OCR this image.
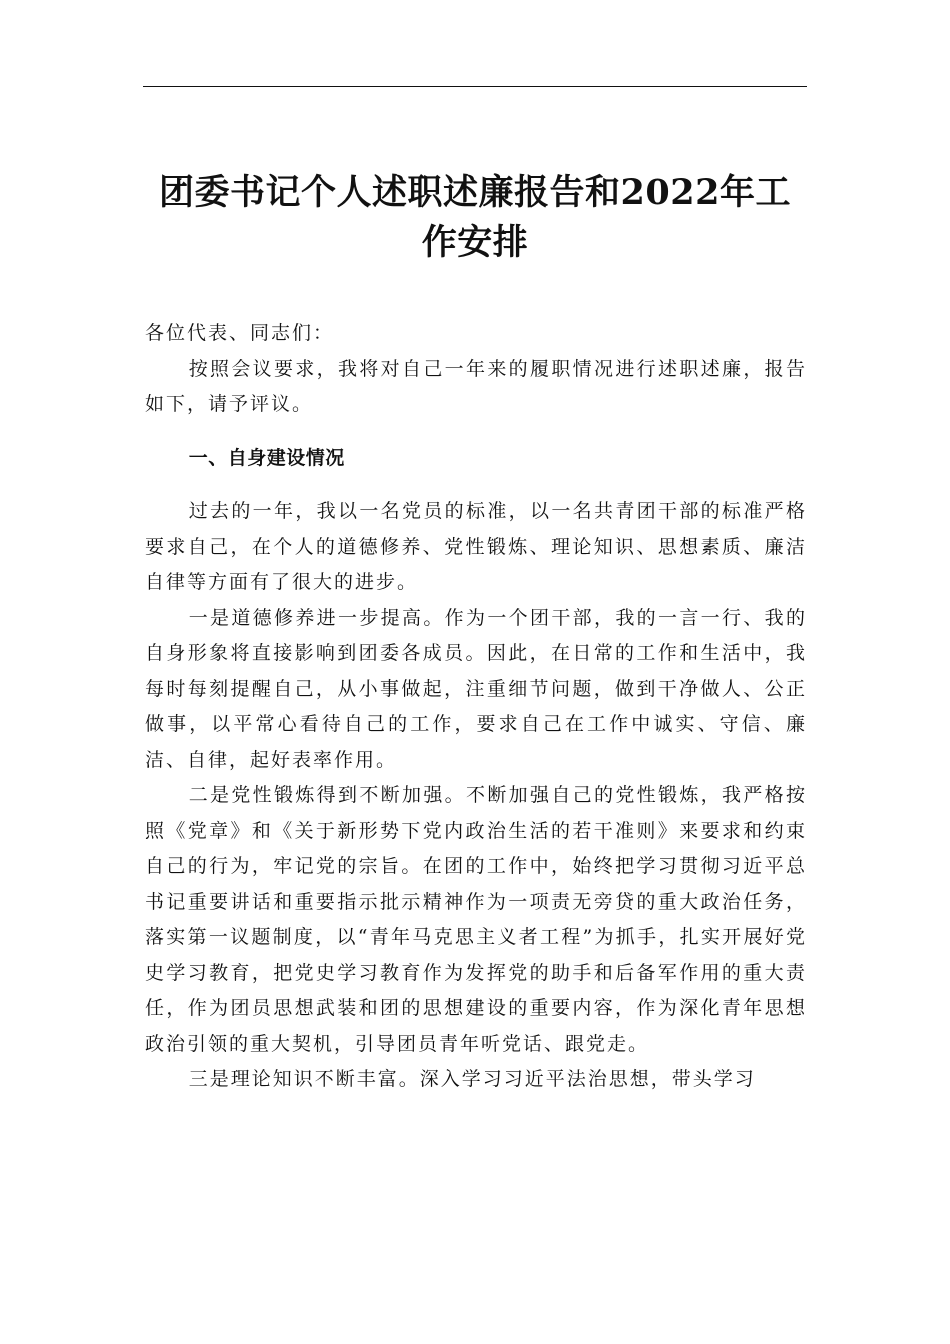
团委书记个人述职述廉报告和2022年工作安排

各位代表、同志们：

按照会议要求，我将对自己一年来的履职情况进行述职述廉，报告如下，请予评议。

一、自身建设情况

过去的一年，我以一名党员的标准，以一名共青团干部的标准严格要求自己，在个人的道德修养、党性锻炼、理论知识、思想素质、廉洁自律等方面有了很大的进步。

一是道德修养进一步提高。作为一个团干部，我的一言一行、我的自身形象将直接影响到团委各成员。因此，在日常的工作和生活中，我每时每刻提醒自己，从小事做起，注重细节问题，做到干净做人、公正做事，以平常心看待自己的工作，要求自己在工作中诚实、守信、廉洁、自律，起好表率作用。

二是党性锻炼得到不断加强。不断加强自己的党性锻炼，我严格按照《党章》和《关于新形势下党内政治生活的若干准则》来要求和约束自己的行为，牢记党的宗旨。在团的工作中，始终把学习贯彻习近平总书记重要讲话和重要指示批示精神作为一项责无旁贷的重大政治任务，落实第一议题制度，以“青年马克思主义者工程”为抓手，扎实开展好党史学习教育，把党史学习教育作为发挥党的助手和后备军作用的重大责任，作为团员思想武装和团的思想建设的重要内容，作为深化青年思想政治引领的重大契机，引导团员青年听党话、跟党走。

三是理论知识不断丰富。深入学习习近平法治思想，带头学习
